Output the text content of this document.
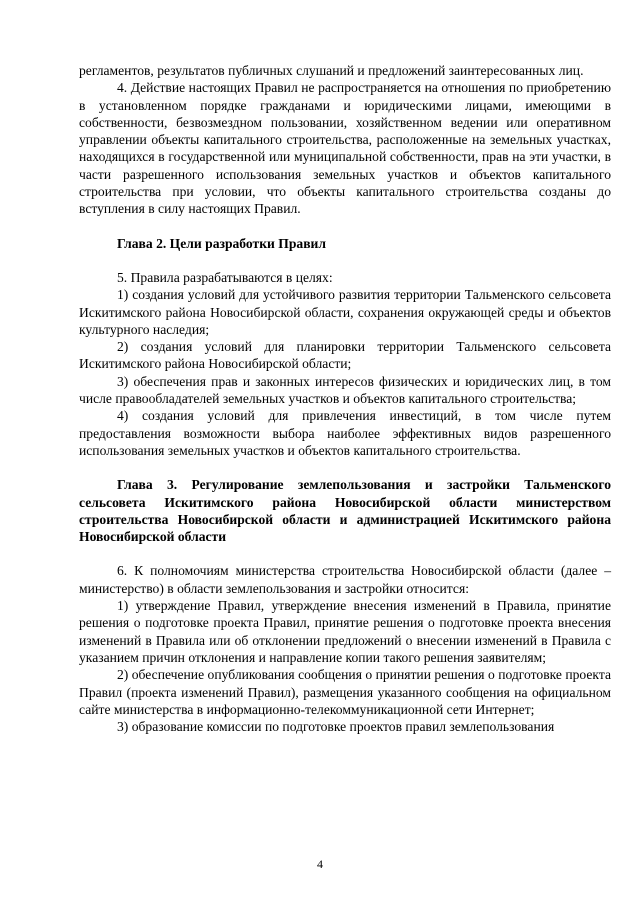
регламентов, результатов публичных слушаний и предложений заинтересованных лиц.

4. Действие настоящих Правил не распространяется на отношения по приобретению в установленном порядке гражданами и юридическими лицами, имеющими в собственности, безвозмездном пользовании, хозяйственном ведении или оперативном управлении объекты капитального строительства, расположенные на земельных участках, находящихся в государственной или муниципальной собственности, прав на эти участки, в части разрешенного использования земельных участков и объектов капитального строительства при условии, что объекты капитального строительства созданы до вступления в силу настоящих Правил.

Глава 2. Цели разработки Правил

5. Правила разрабатываются в целях:

1) создания условий для устойчивого развития территории Тальменского сельсовета Искитимского района Новосибирской области, сохранения окружающей среды и объектов культурного наследия;

2) создания условий для планировки территории Тальменского сельсовета Искитимского района Новосибирской области;

3) обеспечения прав и законных интересов физических и юридических лиц, в том числе правообладателей земельных участков и объектов капитального строительства;

4) создания условий для привлечения инвестиций, в том числе путем предоставления возможности выбора наиболее эффективных видов разрешенного использования земельных участков и объектов капитального строительства.

Глава 3. Регулирование землепользования и застройки Тальменского сельсовета Искитимского района Новосибирской области министерством строительства Новосибирской области и администрацией Искитимского района Новосибирской области

6. К полномочиям министерства строительства Новосибирской области (далее – министерство) в области землепользования и застройки относится:

1) утверждение Правил, утверждение внесения изменений в Правила, принятие решения о подготовке проекта Правил, принятие решения о подготовке проекта внесения изменений в Правила или об отклонении предложений о внесении изменений в Правила с указанием причин отклонения и направление копии такого решения заявителям;

2) обеспечение опубликования сообщения о принятии решения о подготовке проекта Правил (проекта изменений Правил), размещения указанного сообщения на официальном сайте министерства в информационно-телекоммуникационной сети Интернет;

3) образование комиссии по подготовке проектов правил землепользования

4
